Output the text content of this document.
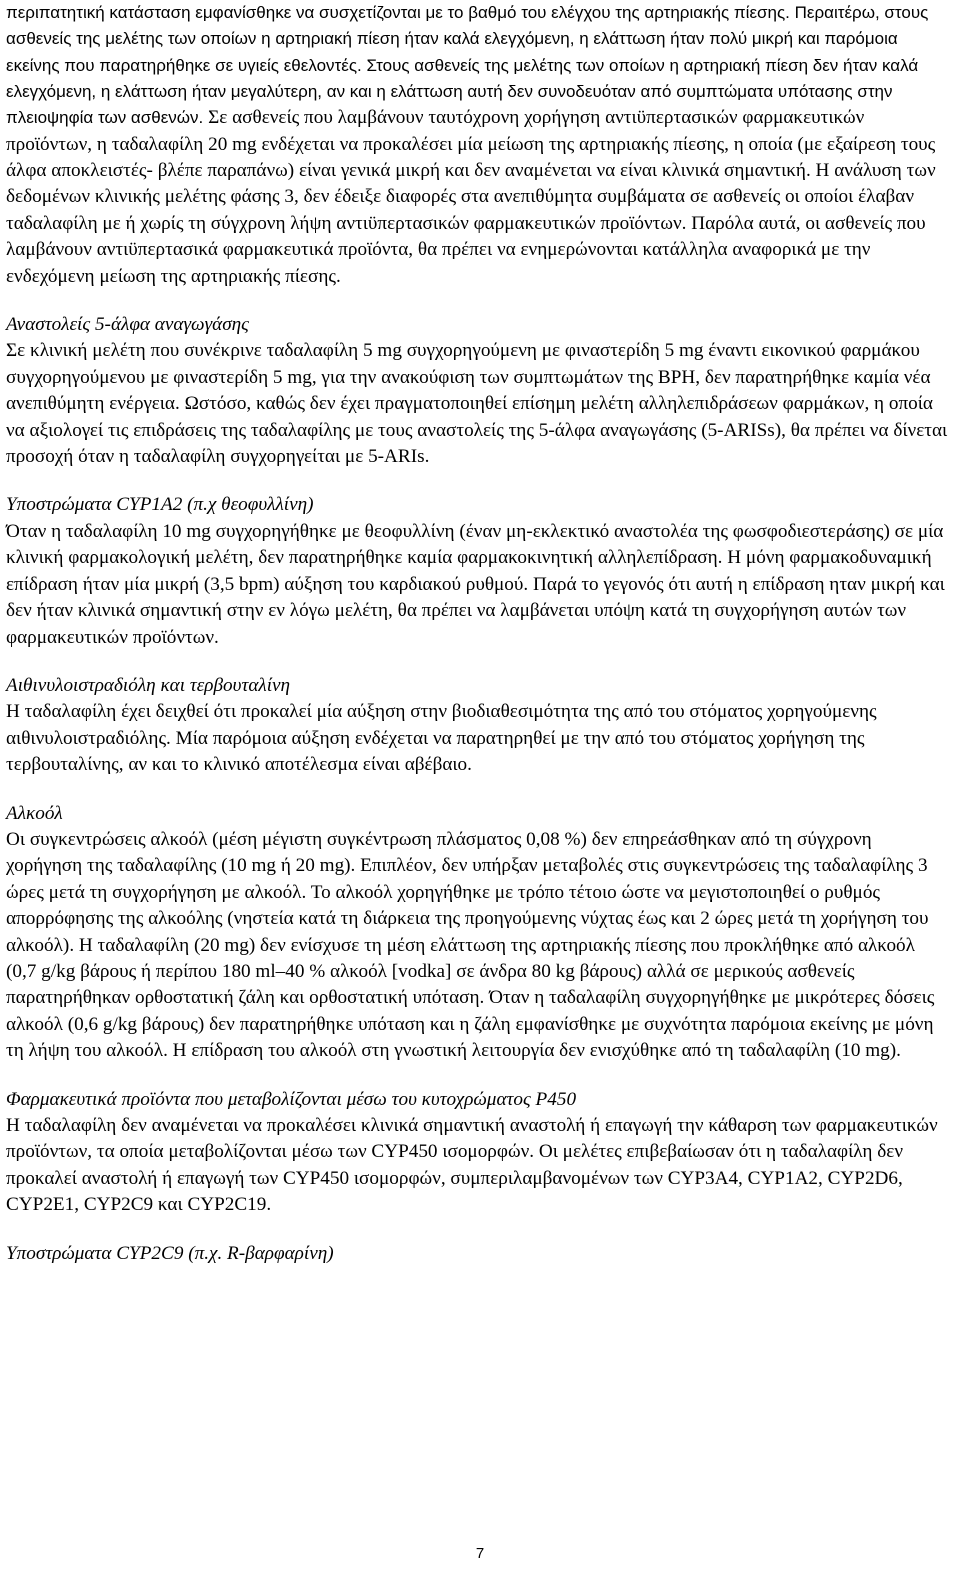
περιπατητική κατάσταση εμφανίσθηκε να συσχετίζονται με το βαθμό του ελέγχου της αρτηριακής πίεσης. Περαιτέρω, στους ασθενείς της μελέτης των οποίων η αρτηριακή πίεση ήταν καλά ελεγχόμενη, η ελάττωση ήταν πολύ μικρή και παρόμοια εκείνης που παρατηρήθηκε σε υγιείς εθελοντές. Στους ασθενείς της μελέτης των οποίων η αρτηριακή πίεση δεν ήταν καλά ελεγχόμενη, η ελάττωση ήταν μεγαλύτερη, αν και η ελάττωση αυτή δεν συνοδευόταν από συμπτώματα υπότασης στην πλειοψηφία των ασθενών. Σε ασθενείς που λαμβάνουν ταυτόχρονη χορήγηση αντιϋπερτασικών φαρμακευτικών προϊόντων, η ταδαλαφίλη 20 mg ενδέχεται να προκαλέσει μία μείωση της αρτηριακής πίεσης, η οποία (με εξαίρεση τους άλφα αποκλειστές- βλέπε παραπάνω) είναι γενικά μικρή και δεν αναμένεται να είναι κλινικά σημαντική. Η ανάλυση των δεδομένων κλινικής μελέτης φάσης 3, δεν έδειξε διαφορές στα ανεπιθύμητα συμβάματα σε ασθενείς οι οποίοι έλαβαν ταδαλαφίλη με ή χωρίς τη σύγχρονη λήψη αντιϋπερτασικών φαρμακευτικών προϊόντων. Παρόλα αυτά, οι ασθενείς που λαμβάνουν αντιϋπερτασικά φαρμακευτικά προϊόντα, θα πρέπει να ενημερώνονται κατάλληλα αναφορικά με την ενδεχόμενη μείωση της αρτηριακής πίεσης.

Αναστολείς 5-άλφα αναγωγάσης

Σε κλινική μελέτη που συνέκρινε ταδαλαφίλη 5 mg συγχορηγούμενη με φιναστερίδη 5 mg έναντι εικονικού φαρμάκου συγχορηγούμενου με φιναστερίδη 5 mg, για την ανακούφιση των συμπτωμάτων της BPH, δεν παρατηρήθηκε καμία νέα ανεπιθύμητη ενέργεια. Ωστόσο, καθώς δεν έχει πραγματοποιηθεί επίσημη μελέτη αλληλεπιδράσεων φαρμάκων, η οποία να αξιολογεί τις επιδράσεις της ταδαλαφίλης με τους αναστολείς της 5-άλφα αναγωγάσης (5-ARISs), θα πρέπει να δίνεται προσοχή όταν η ταδαλαφίλη συγχορηγείται με 5-ARIs.

Υποστρώματα CYP1A2 (π.χ θεοφυλλίνη)

Όταν η ταδαλαφίλη 10 mg συγχορηγήθηκε με θεοφυλλίνη (έναν μη-εκλεκτικό αναστολέα της φωσφοδιεστεράσης) σε μία κλινική φαρμακολογική μελέτη, δεν παρατηρήθηκε καμία φαρμακοκινητική αλληλεπίδραση. Η μόνη φαρμακοδυναμική επίδραση ήταν μία μικρή (3,5 bpm) αύξηση του καρδιακού ρυθμού. Παρά το γεγονός ότι αυτή η επίδραση ηταν μικρή και δεν ήταν κλινικά σημαντική στην εν λόγω μελέτη, θα πρέπει να λαμβάνεται υπόψη κατά τη συγχορήγηση αυτών των φαρμακευτικών προϊόντων.

Αιθινυλοιστραδιόλη και τερβουταλίνη

Η ταδαλαφίλη έχει δειχθεί ότι προκαλεί μία αύξηση στην βιοδιαθεσιμότητα της από του στόματος χορηγούμενης αιθινυλοιστραδιόλης. Μία παρόμοια αύξηση ενδέχεται να παρατηρηθεί με την από του στόματος χορήγηση της τερβουταλίνης, αν και το κλινικό αποτέλεσμα είναι αβέβαιο.

Αλκοόλ

Οι συγκεντρώσεις αλκοόλ (μέση μέγιστη συγκέντρωση πλάσματος 0,08 %) δεν επηρεάσθηκαν από τη σύγχρονη χορήγηση της ταδαλαφίλης (10 mg ή 20 mg). Επιπλέον, δεν υπήρξαν μεταβολές στις συγκεντρώσεις της ταδαλαφίλης 3 ώρες μετά τη συγχορήγηση με αλκοόλ. Το αλκοόλ χορηγήθηκε με τρόπο τέτοιο ώστε να μεγιστοποιηθεί ο ρυθμός απορρόφησης της αλκοόλης (νηστεία κατά τη διάρκεια της προηγούμενης νύχτας έως και 2 ώρες μετά τη χορήγηση του αλκοόλ). Η ταδαλαφίλη (20 mg) δεν ενίσχυσε τη μέση ελάττωση της αρτηριακής πίεσης που προκλήθηκε από αλκοόλ (0,7 g/kg βάρους ή περίπου 180 ml–40 % αλκοόλ [vodka] σε άνδρα 80 kg βάρους) αλλά σε μερικούς ασθενείς παρατηρήθηκαν ορθοστατική ζάλη και ορθοστατική υπόταση. Όταν η ταδαλαφίλη συγχορηγήθηκε με μικρότερες δόσεις αλκοόλ (0,6 g/kg βάρους) δεν παρατηρήθηκε υπόταση και η ζάλη εμφανίσθηκε με συχνότητα παρόμοια εκείνης με μόνη τη λήψη του αλκοόλ. Η επίδραση του αλκοόλ στη γνωστική λειτουργία δεν ενισχύθηκε από τη ταδαλαφίλη (10 mg).

Φαρμακευτικά προϊόντα που μεταβολίζονται μέσω του κυτοχρώματος P450

Η ταδαλαφίλη δεν αναμένεται να προκαλέσει κλινικά σημαντική αναστολή ή επαγωγή την κάθαρση των φαρμακευτικών προϊόντων, τα οποία μεταβολίζονται μέσω των CYP450 ισομορφών. Οι μελέτες επιβεβαίωσαν ότι η ταδαλαφίλη δεν προκαλεί αναστολή ή επαγωγή των CYP450 ισομορφών, συμπεριλαμβανομένων των CYP3A4, CYP1A2, CYP2D6, CYP2E1, CYP2C9 και CYP2C19.

Υποστρώματα CYP2C9 (π.χ. R-βαρφαρίνη)

7
